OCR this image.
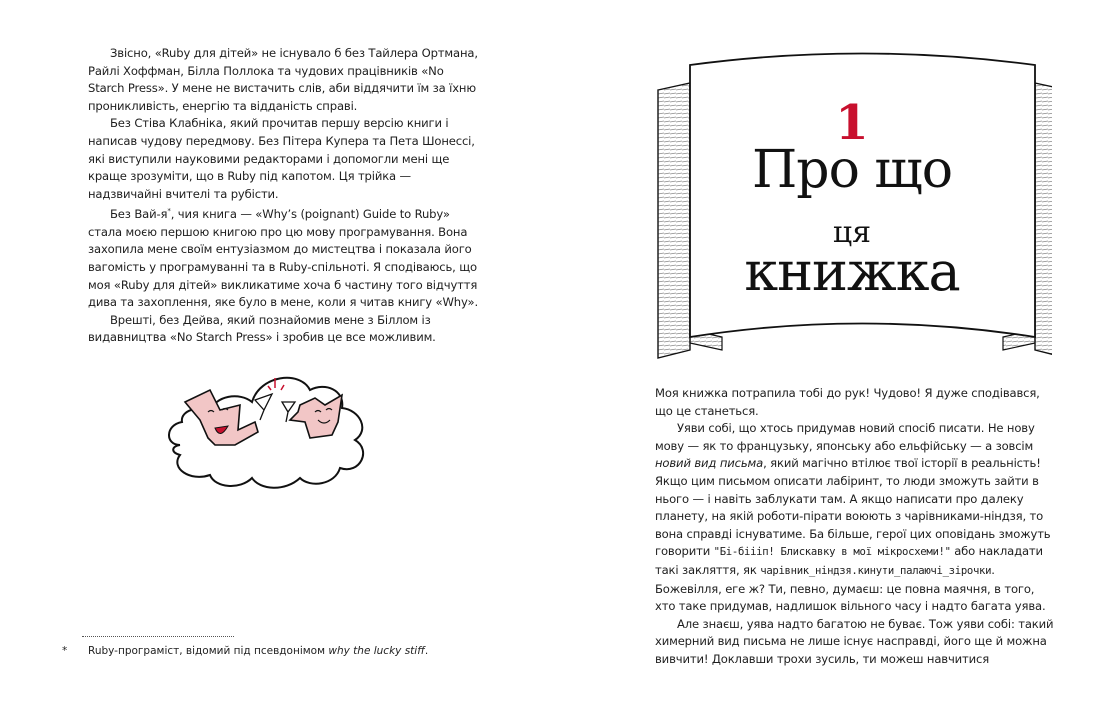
Звісно, «Ruby для дітей» не існувало б без Тайлера Ортмана, Райлі Хоффман, Білла Поллока та чудових працівників «No Starch Press». У мене не вистачить слів, аби віддячити їм за їхню проникливість, енергію та відданість справі.

Без Стіва Клабніка, який прочитав першу версію книги і написав чудову передмову. Без Пітера Купера та Пета Шонессі, які виступили науковими редакторами і допомогли мені ще краще зрозуміти, що в Ruby під капотом. Ця трійка — надзвичайні вчителі та рубісти.

Без Вай-я*, чия книга — «Why’s (poignant) Guide to Ruby» стала моєю першою книгою про цю мову програмування. Вона захопила мене своїм ентузіазмом до мистецтва і показала його вагомість у програмуванні та в Ruby-спільноті. Я сподіваюсь, що моя «Ruby для дітей» викликатиме хоча б частину того відчуття дива та захоплення, яке було в мене, коли я читав книгу «Why».

Врешті, без Дейва, який познайомив мене з Біллом із видавництва «No Starch Press» і зробив це все можливим.

* Ruby-програміст, відомий під псевдонімом why the lucky stiff.
1
Про що
ця
книжка

Моя книжка потрапила тобі до рук! Чудово! Я дуже сподівався, що це станеться.

Уяви собі, що хтось придумав новий спосіб писати. Не нову мову — як то французьку, японську або ельфійську — а зовсім новий вид письма, який магічно втілює твої історії в реальність! Якщо цим письмом описати лабіринт, то люди зможуть зайти в нього — і навіть заблукати там. А якщо написати про далеку планету, на якій роботи-пірати воюють з чарівниками-ніндзя, то вона справді існуватиме. Ба більше, герої цих оповідань зможуть говорити "Бі-біііп! Блискавку в мої мікросхеми!" або накладати такі закляття, як чарівник_ніндзя.кинути_палаючі_зірочки. Божевілля, еге ж? Ти, певно, думаєш: це повна маячня, в того, хто таке придумав, надлишок вільного часу і надто багата уява.

Але знаєш, уява надто багатою не буває. Тож уяви собі: такий химерний вид письма не лише існує насправді, його ще й можна вивчити! Доклавши трохи зусиль, ти можеш навчитися
